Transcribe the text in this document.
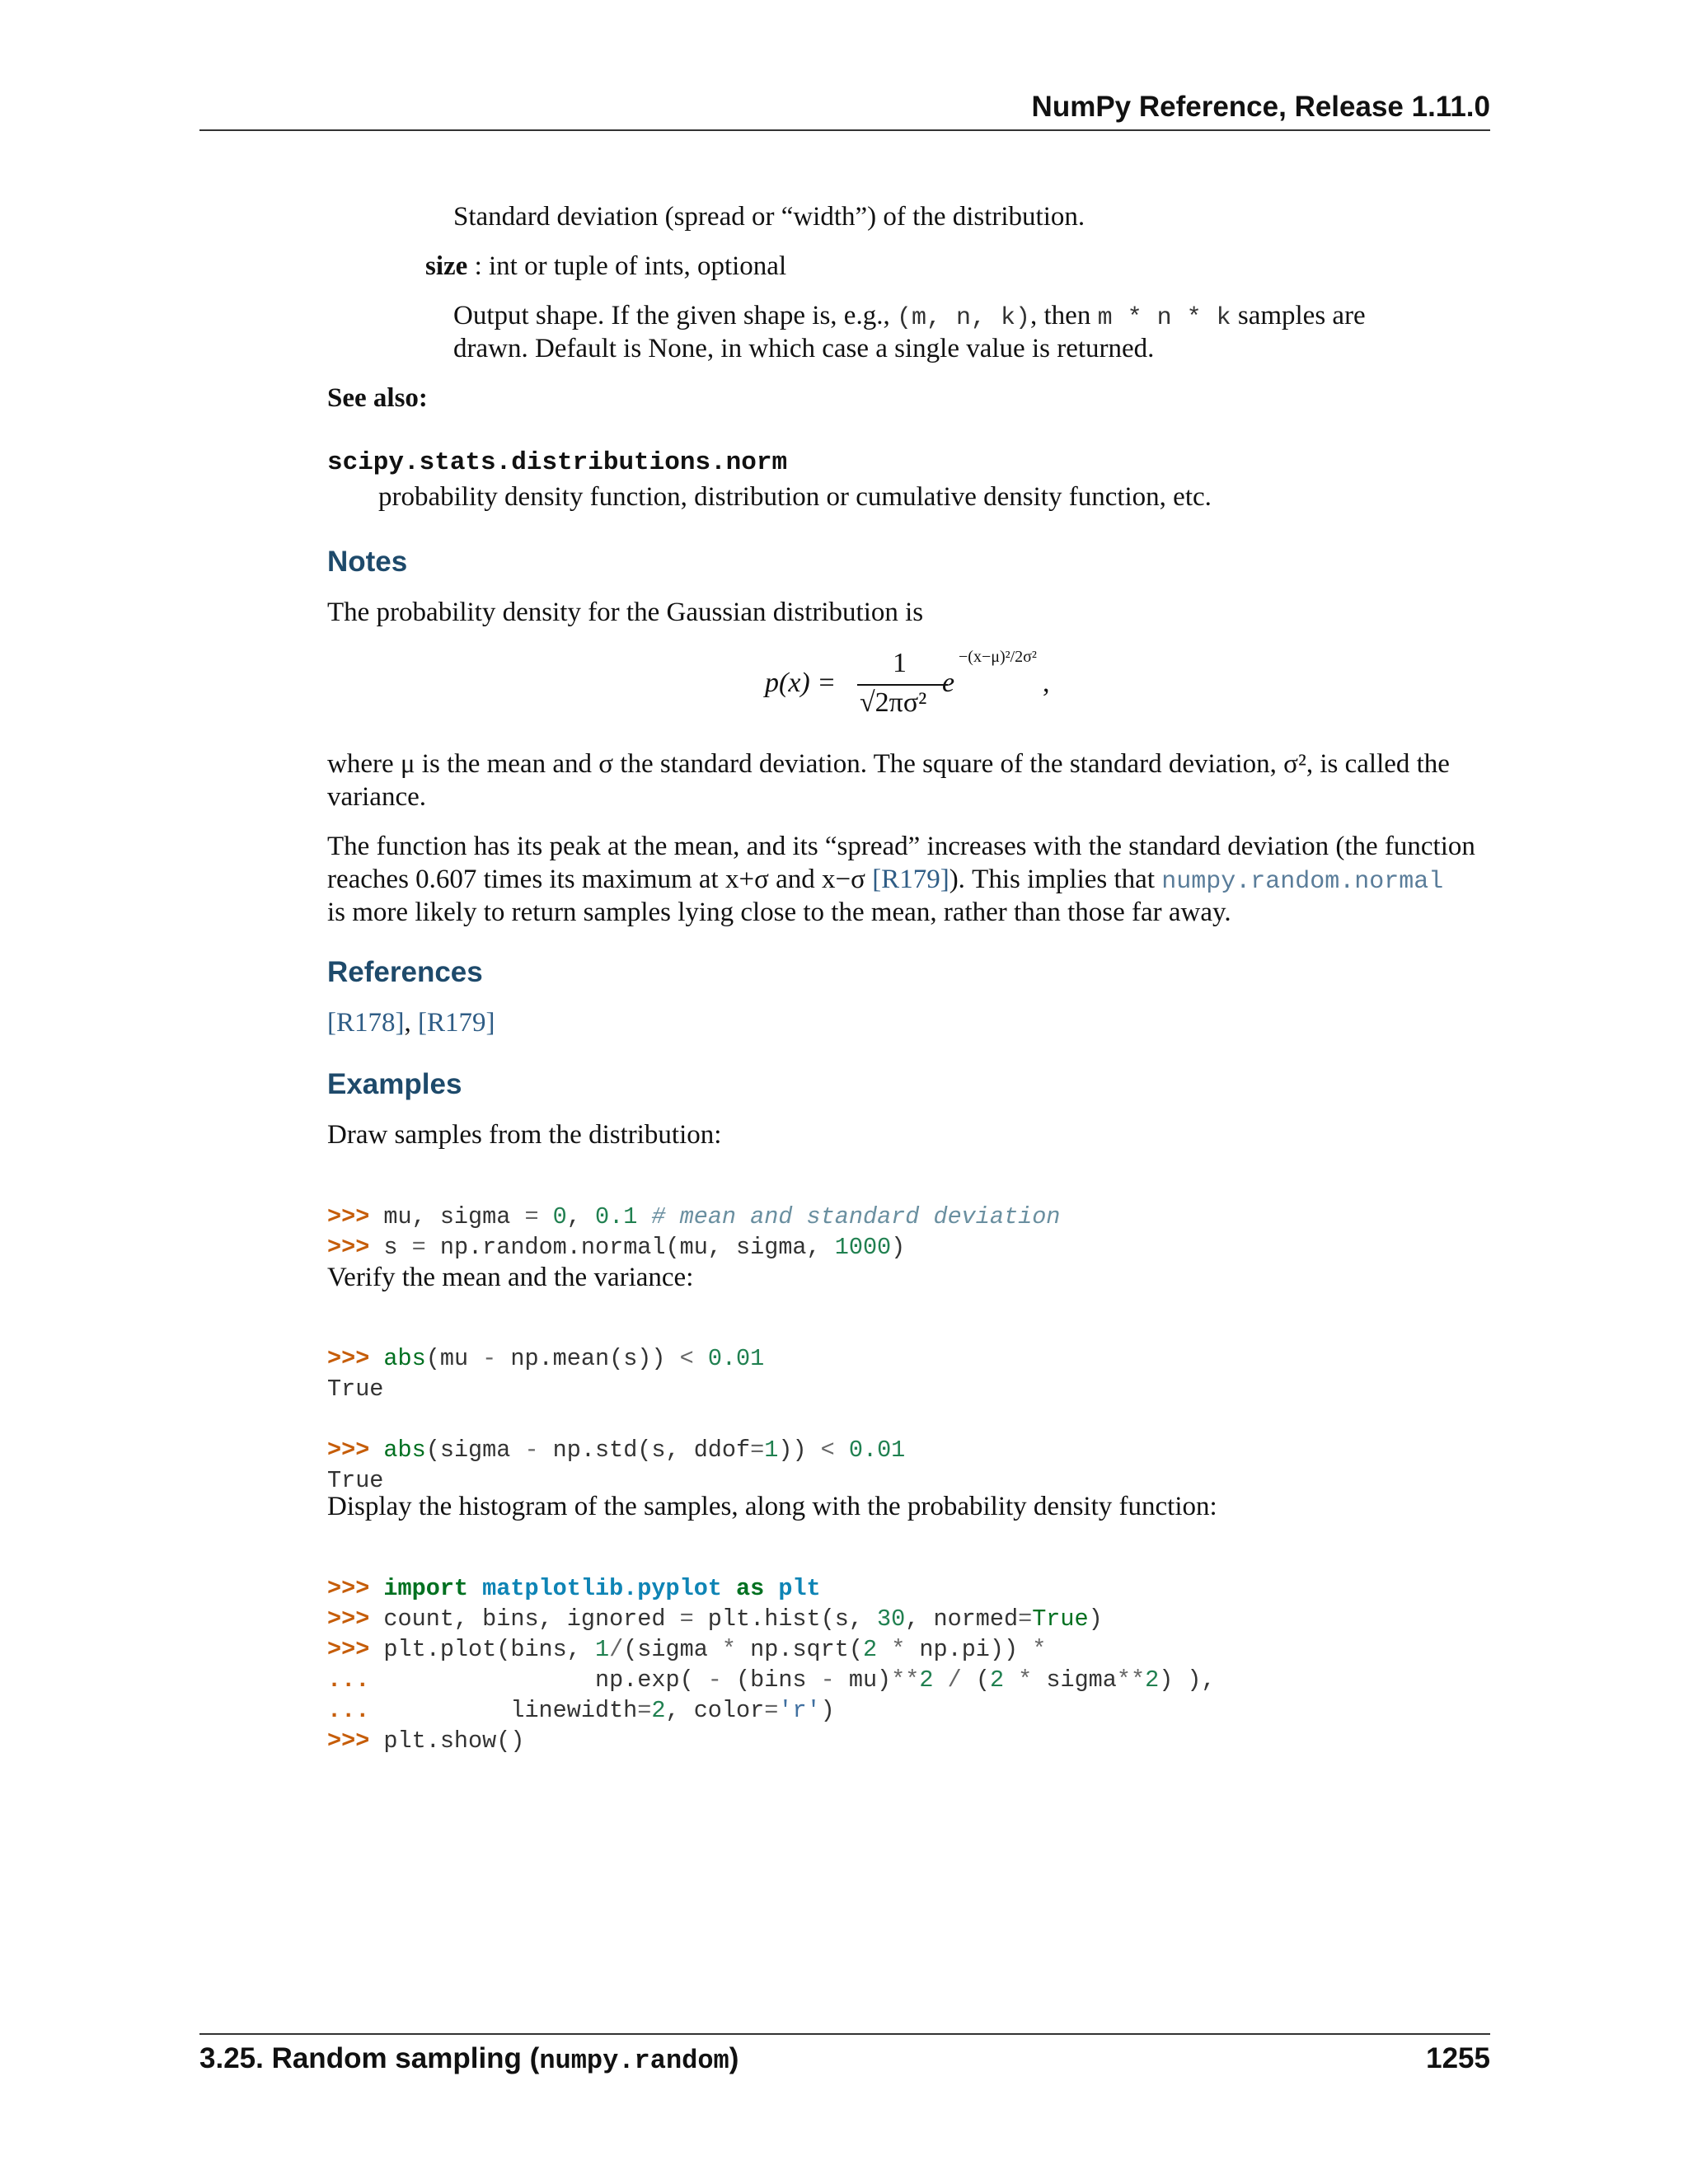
NumPy Reference, Release 1.11.0
Standard deviation (spread or “width”) of the distribution.
size : int or tuple of ints, optional
Output shape. If the given shape is, e.g., (m, n, k), then m * n * k samples are
drawn. Default is None, in which case a single value is returned.
See also:
scipy.stats.distributions.norm
probability density function, distribution or cumulative density function, etc.
Notes
The probability density for the Gaussian distribution is
p(x) =
1
√2πσ²
e
−(x−μ)²/2σ²
,
where μ is the mean and σ the standard deviation. The square of the standard deviation, σ², is called the
variance.
The function has its peak at the mean, and its “spread” increases with the standard deviation (the function
reaches 0.607 times its maximum at x+σ and x−σ [R179]). This implies that numpy.random.normal
is more likely to return samples lying close to the mean, rather than those far away.
References
[R178], [R179]
Examples
Draw samples from the distribution:

>>> mu, sigma = 0, 0.1 # mean and standard deviation
>>> s = np.random.normal(mu, sigma, 1000)

Verify the mean and the variance:

>>> abs(mu - np.mean(s)) < 0.01
True
>>> abs(sigma - np.std(s, ddof=1)) < 0.01
True

Display the histogram of the samples, along with the probability density function:

>>> import matplotlib.pyplot as plt
>>> count, bins, ignored = plt.hist(s, 30, normed=True)
>>> plt.plot(bins, 1/(sigma * np.sqrt(2 * np.pi)) *
...                np.exp( - (bins - mu)**2 / (2 * sigma**2) ),
...          linewidth=2, color='r')
>>> plt.show()

3.25. Random sampling (numpy.random)	1255
